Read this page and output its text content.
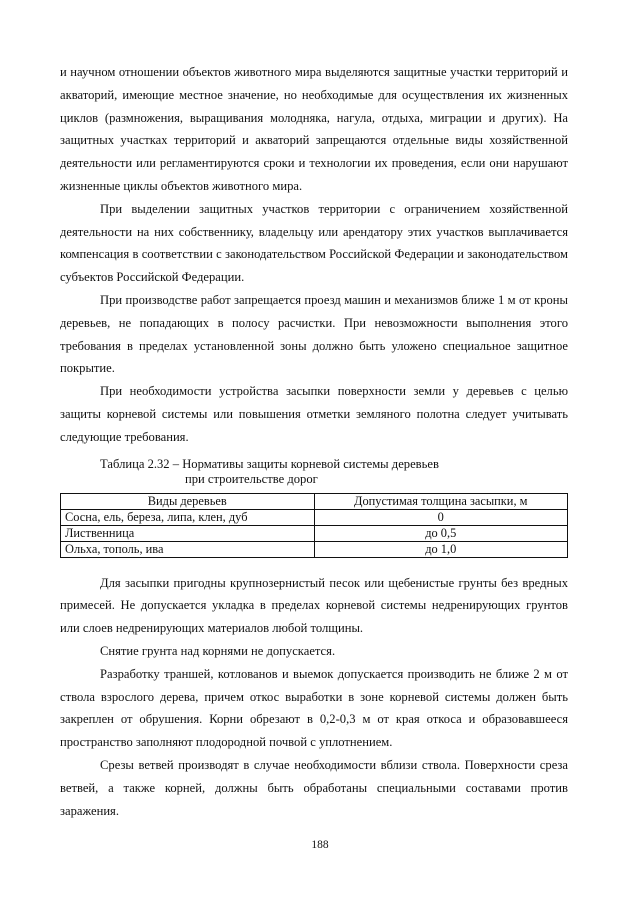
и научном отношении объектов животного мира выделяются защитные участки территорий и акваторий, имеющие местное значение, но необходимые для осуществления их жизненных циклов (размножения, выращивания молодняка, нагула, отдыха, миграции и других). На защитных участках территорий и акваторий запрещаются отдельные виды хозяйственной деятельности или регламентируются сроки и технологии их проведения, если они нарушают жизненные циклы объектов животного мира.

При выделении защитных участков территории с ограничением хозяйственной деятельности на них собственнику, владельцу или арендатору этих участков выплачивается компенсация в соответствии с законодательством Российской Федерации и законодательством субъектов Российской Федерации.

При производстве работ запрещается проезд машин и механизмов ближе 1 м от кроны деревьев, не попадающих в полосу расчистки. При невозможности выполнения этого требования в пределах установленной зоны должно быть уложено специальное защитное покрытие.

При необходимости устройства засыпки поверхности земли у деревьев с целью защиты корневой системы или повышения отметки земляного полотна следует учитывать следующие требования.

Таблица 2.32 – Нормативы защиты корневой системы деревьев
при строительстве дорог
Виды деревьев	Допустимая толщина засыпки, м
Сосна, ель, береза, липа, клен, дуб	0
Лиственница	до 0,5
Ольха, тополь, ива	до 1,0

Для засыпки пригодны крупнозернистый песок или щебенистые грунты без вредных примесей. Не допускается укладка в пределах корневой системы недренирующих грунтов или слоев недренирующих материалов любой толщины.

Снятие грунта над корнями не допускается.

Разработку траншей, котлованов и выемок допускается производить не ближе 2 м от ствола взрослого дерева, причем откос выработки в зоне корневой системы должен быть закреплен от обрушения. Корни обрезают в 0,2-0,3 м от края откоса и образовавшееся пространство заполняют плодородной почвой с уплотнением.

Срезы ветвей производят в случае необходимости вблизи ствола. Поверхности среза ветвей, а также корней, должны быть обработаны специальными составами против заражения.

188
